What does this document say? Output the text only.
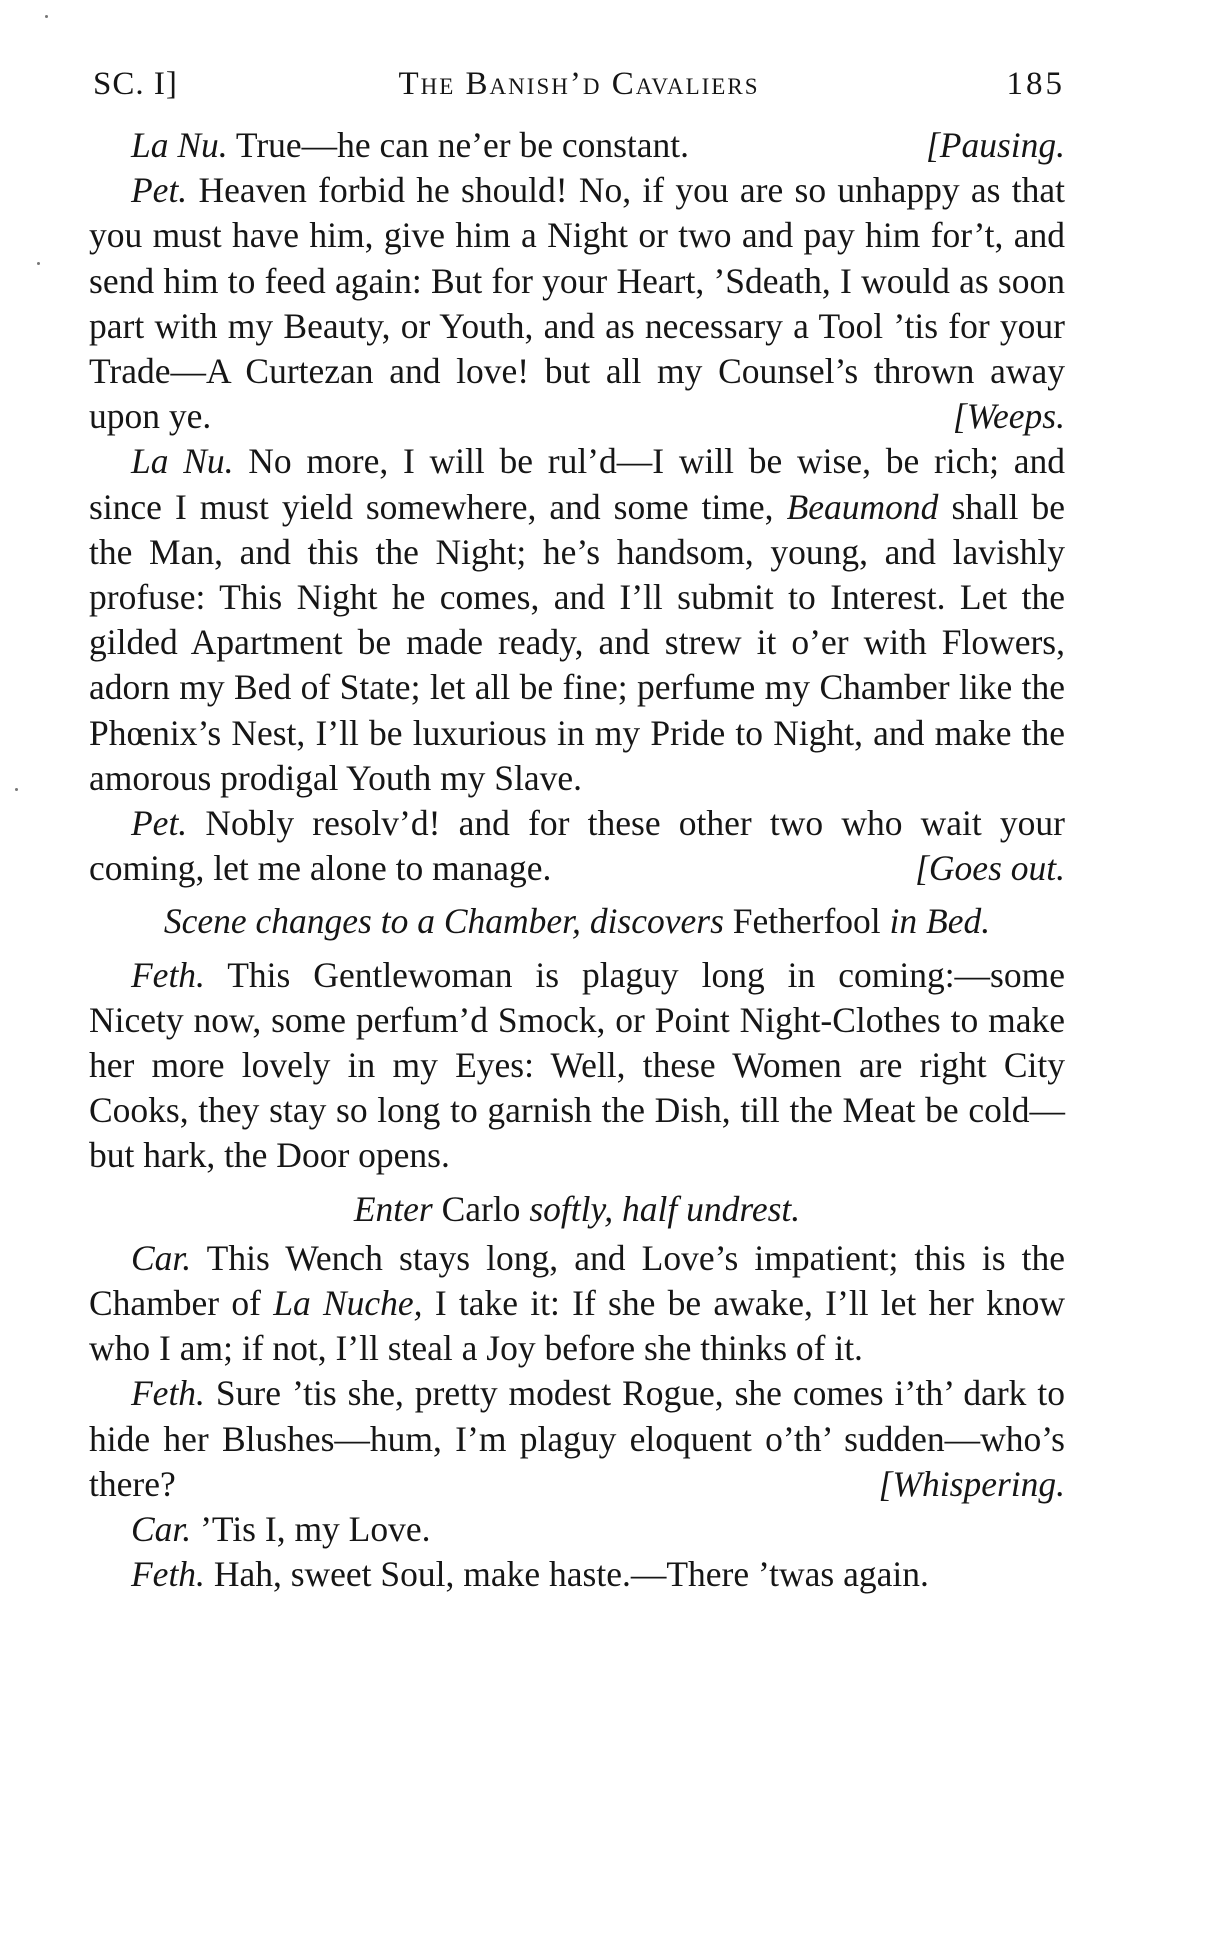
SC. I]	The Banish’d Cavaliers	185

La Nu. True—he can ne’er be constant.	[Pausing.

Pet. Heaven forbid he should! No, if you are so unhappy as that you must have him, give him a Night or two and pay him for’t, and send him to feed again: But for your Heart, ’Sdeath, I would as soon part with my Beauty, or Youth, and as necessary a Tool ’tis for your Trade—A Curtezan and love! but all my Counsel’s thrown away upon ye.	[Weeps.

La Nu. No more, I will be rul’d—I will be wise, be rich; and since I must yield somewhere, and some time, Beaumond shall be the Man, and this the Night; he’s handsom, young, and lavishly profuse: This Night he comes, and I’ll submit to Interest. Let the gilded Apartment be made ready, and strew it o’er with Flowers, adorn my Bed of State; let all be fine; perfume my Chamber like the Phœnix’s Nest, I’ll be luxurious in my Pride to Night, and make the amorous prodigal Youth my Slave.

Pet. Nobly resolv’d! and for these other two who wait your coming, let me alone to manage.	[Goes out.

Scene changes to a Chamber, discovers Fetherfool in Bed.

Feth. This Gentlewoman is plaguy long in coming:—some Nicety now, some perfum’d Smock, or Point Night-Clothes to make her more lovely in my Eyes: Well, these Women are right City Cooks, they stay so long to garnish the Dish, till the Meat be cold—but hark, the Door opens.

Enter Carlo softly, half undrest.

Car. This Wench stays long, and Love’s impatient; this is the Chamber of La Nuche, I take it: If she be awake, I’ll let her know who I am; if not, I’ll steal a Joy before she thinks of it.

Feth. Sure ’tis she, pretty modest Rogue, she comes i’th’ dark to hide her Blushes—hum, I’m plaguy eloquent o’th’ sudden—who’s there?	[Whispering.

Car. ’Tis I, my Love.

Feth. Hah, sweet Soul, make haste.—There ’twas again.
